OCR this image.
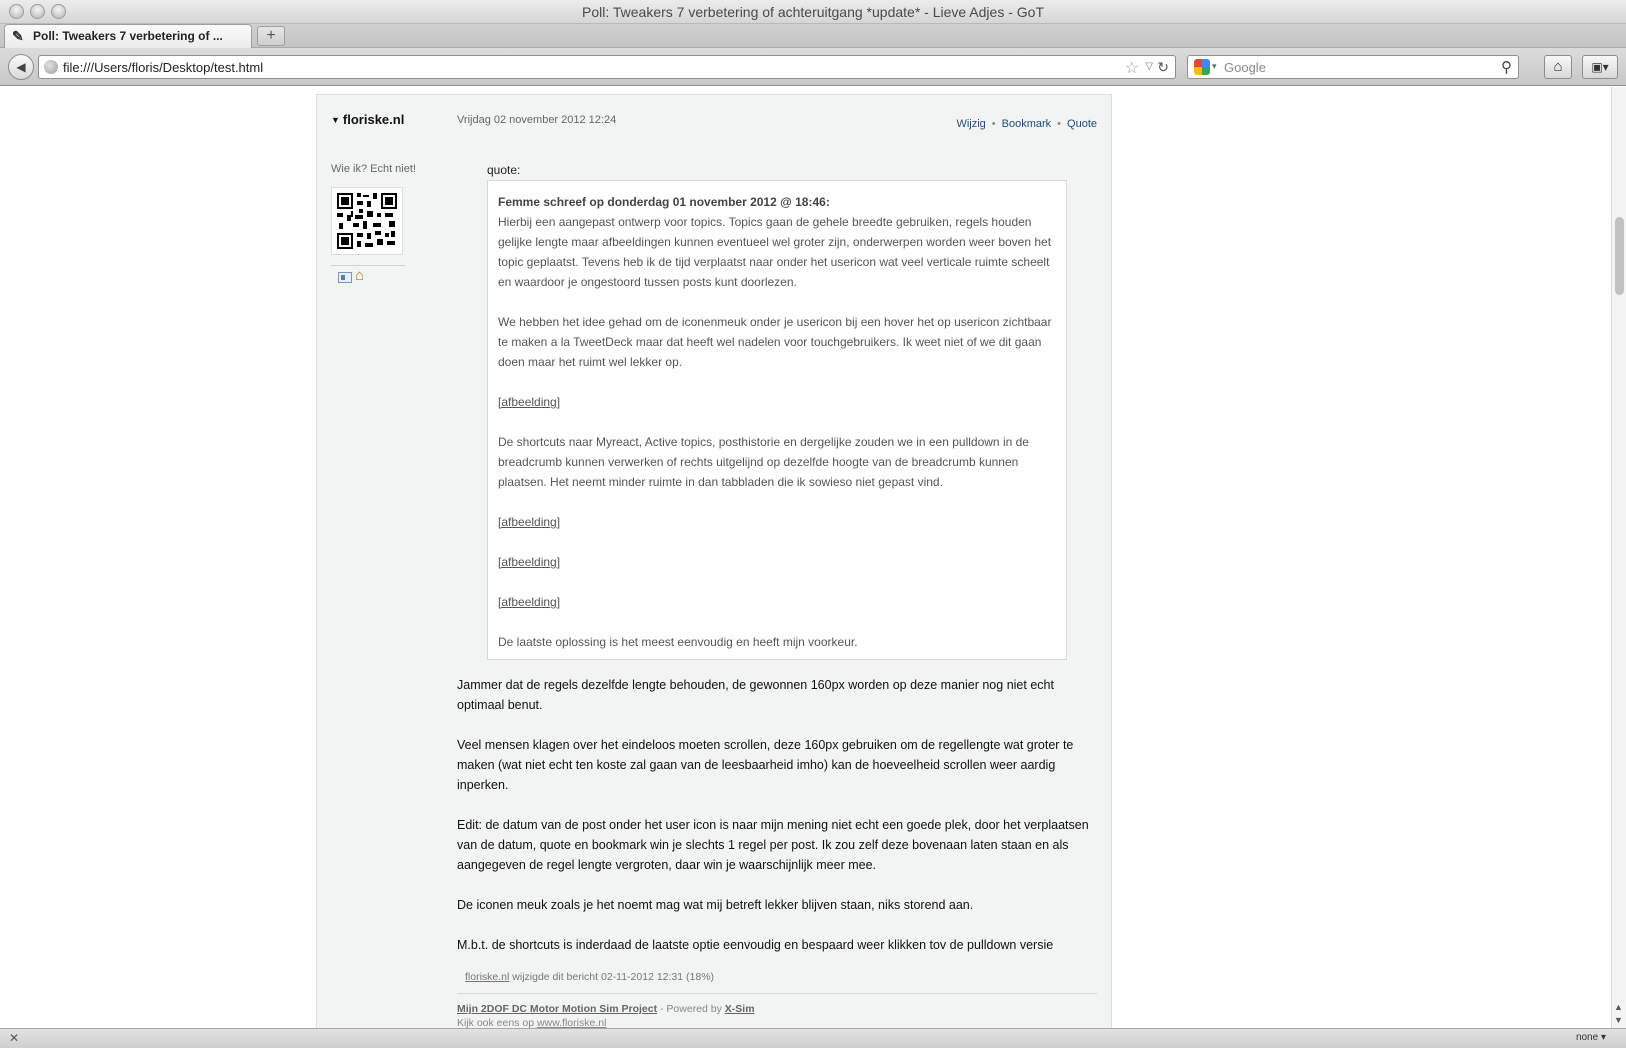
Poll: Tweakers 7 verbetering of achteruitgang *update* - Lieve Adjes - GoT
✎ Poll: Tweakers 7 verbetering of ...	+
◀	file:///Users/floris/Desktop/test.html	☆ ▽ ↻	▾ Google	⚲	⌂	▣▾
▼ floriske.nl	Vrijdag 02 november 2012 12:24	Wijzig • Bookmark • Quote
Wie ik? Echt niet!
⌂
quote:
Femme schreef op donderdag 01 november 2012 @ 18:46:

Hierbij een aangepast ontwerp voor topics. Topics gaan de gehele breedte gebruiken, regels houden gelijke lengte maar afbeeldingen kunnen eventueel wel groter zijn, onderwerpen worden weer boven het topic geplaatst. Tevens heb ik de tijd verplaatst naar onder het usericon wat veel verticale ruimte scheelt en waardoor je ongestoord tussen posts kunt doorlezen.

We hebben het idee gehad om de iconenmeuk onder je usericon bij een hover het op usericon zichtbaar te maken a la TweetDeck maar dat heeft wel nadelen voor touchgebruikers. Ik weet niet of we dit gaan doen maar het ruimt wel lekker op.

[afbeelding]

De shortcuts naar Myreact, Active topics, posthistorie en dergelijke zouden we in een pulldown in de breadcrumb kunnen verwerken of rechts uitgelijnd op dezelfde hoogte van de breadcrumb kunnen plaatsen. Het neemt minder ruimte in dan tabbladen die ik sowieso niet gepast vind.

[afbeelding]

[afbeelding]

[afbeelding]

De laatste oplossing is het meest eenvoudig en heeft mijn voorkeur.

Jammer dat de regels dezelfde lengte behouden, de gewonnen 160px worden op deze manier nog niet echt optimaal benut.

Veel mensen klagen over het eindeloos moeten scrollen, deze 160px gebruiken om de regellengte wat groter te maken (wat niet echt ten koste zal gaan van de leesbaarheid imho) kan de hoeveelheid scrollen weer aardig inperken.

Edit: de datum van de post onder het user icon is naar mijn mening niet echt een goede plek, door het verplaatsen van de datum, quote en bookmark win je slechts 1 regel per post. Ik zou zelf deze bovenaan laten staan en als aangegeven de regel lengte vergroten, daar win je waarschijnlijk meer mee.

De iconen meuk zoals je het noemt mag wat mij betreft lekker blijven staan, niks storend aan.

M.b.t. de shortcuts is inderdaad de laatste optie eenvoudig en bespaard weer klikken tov de pulldown versie

floriske.nl wijzigde dit bericht 02-11-2012 12:31 (18%)
Mijn 2DOF DC Motor Motion Sim Project - Powered by X-Sim
Kijk ook eens op www.floriske.nl
▲
▼
✕	none ▾
